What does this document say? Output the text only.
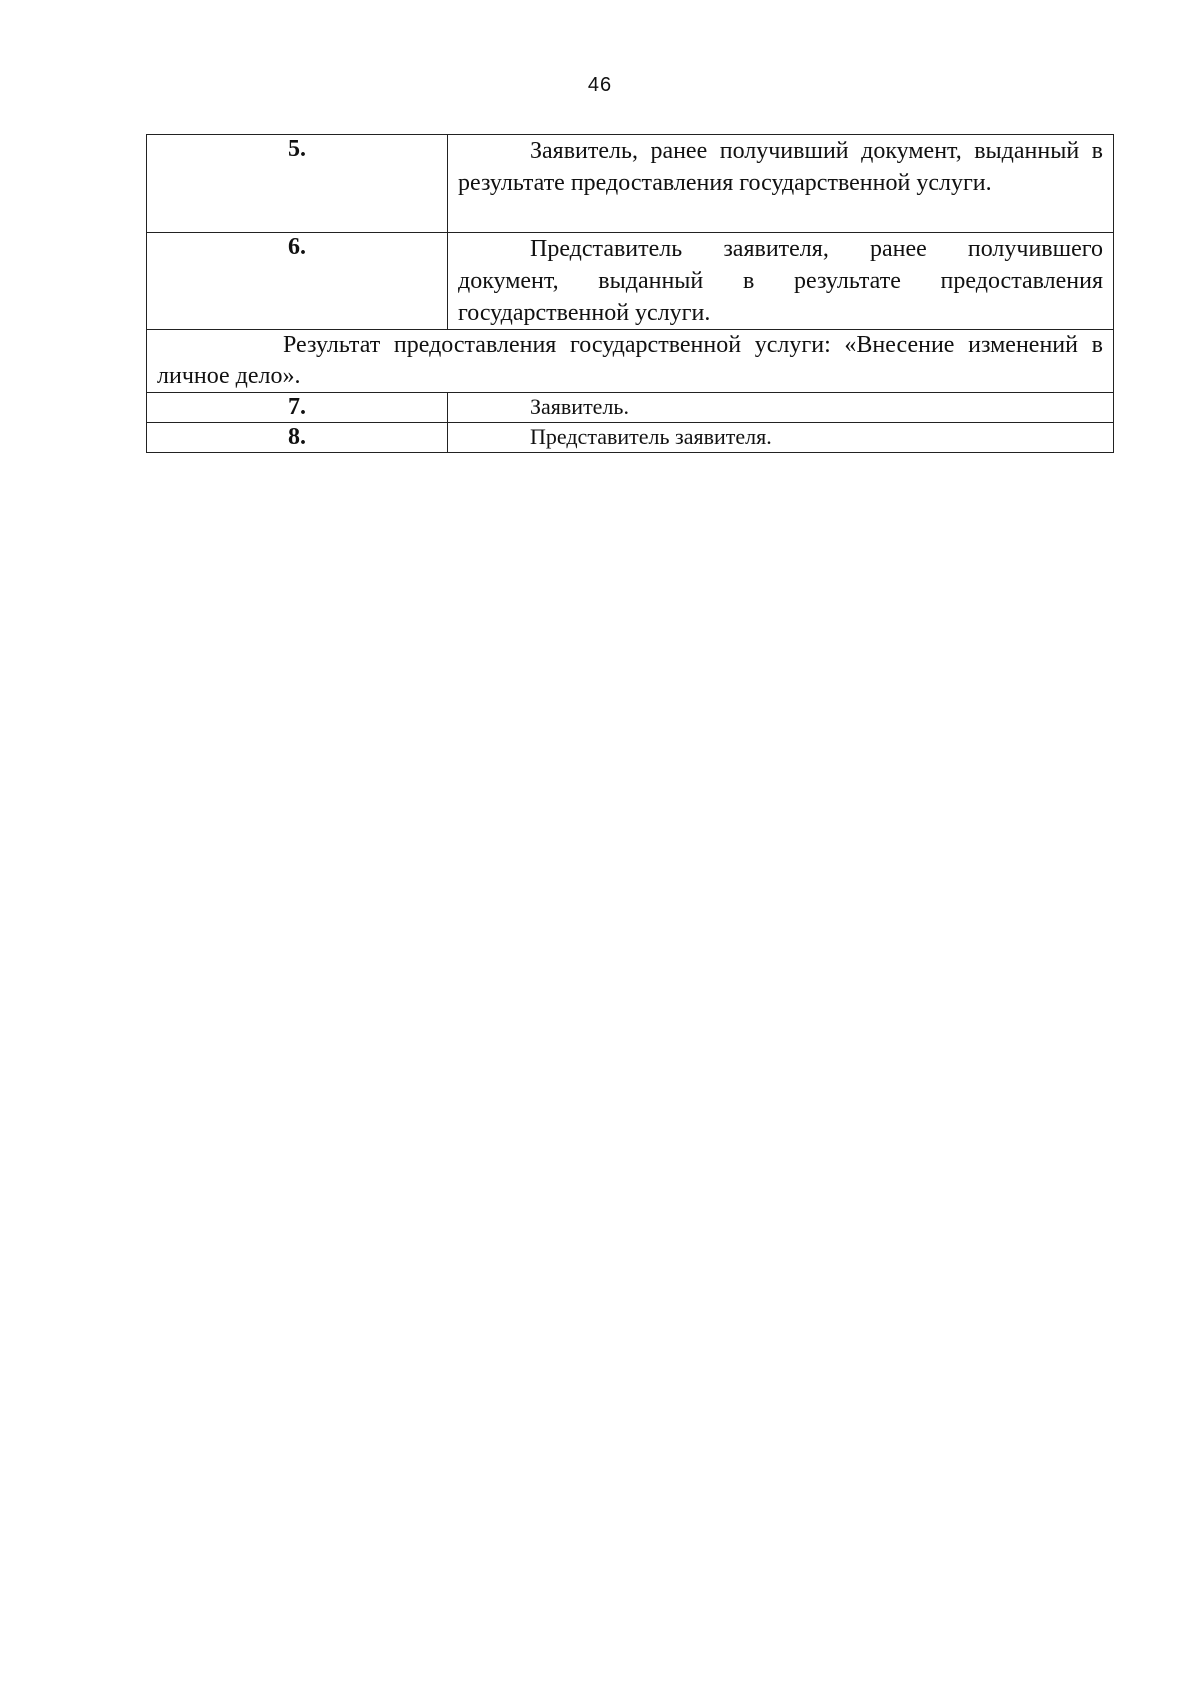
46
5.	Заявитель, ранее получивший документ, выданный в результате предоставления государственной услуги.
6.	Представитель заявителя, ранее получившего документ, выданный в результате предоставления государственной услуги.
Результат предоставления государственной услуги: «Внесение изменений в личное дело».	
7.	Заявитель.
8.	Представитель заявителя.
